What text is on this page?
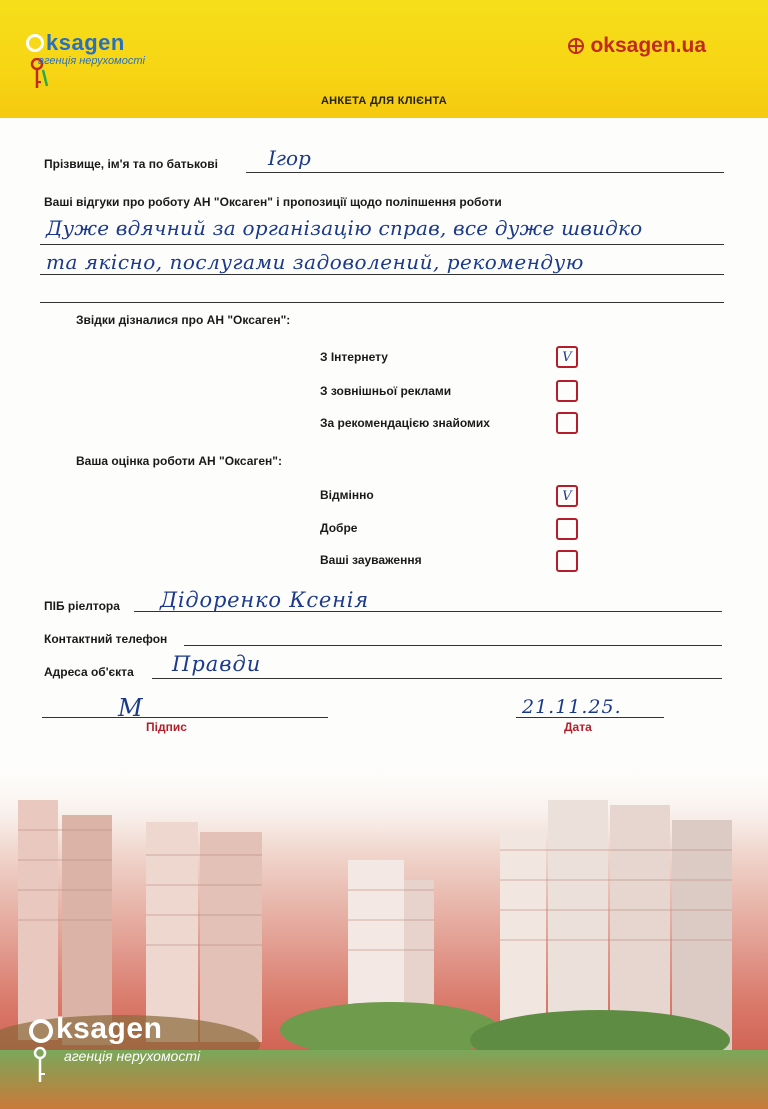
ksagen
агенція нерухомості
oksagen.ua
АНКЕТА ДЛЯ КЛІЄНТА
Прізвище, ім'я та по батькові	Ігор
Ваші відгуки про роботу АН "Оксаген" і пропозиції щодо поліпшення роботи
Дуже вдячний за організацію справ, все дуже швидко
та якісно, послугами задоволений, рекомендую
Звідки дізналися про АН "Оксаген":
З Інтернету	V
З зовнішньої реклами
За рекомендацією знайомих
Ваша оцінка роботи АН "Оксаген":
Відмінно	V
Добре
Ваші зауваження
ПІБ ріелтора Дідоренко Ксенія
Контактний телефон
Адреса об'єкта Правди
М
Підпис
21.11.25.
Дата
ksagen
агенція нерухомості
